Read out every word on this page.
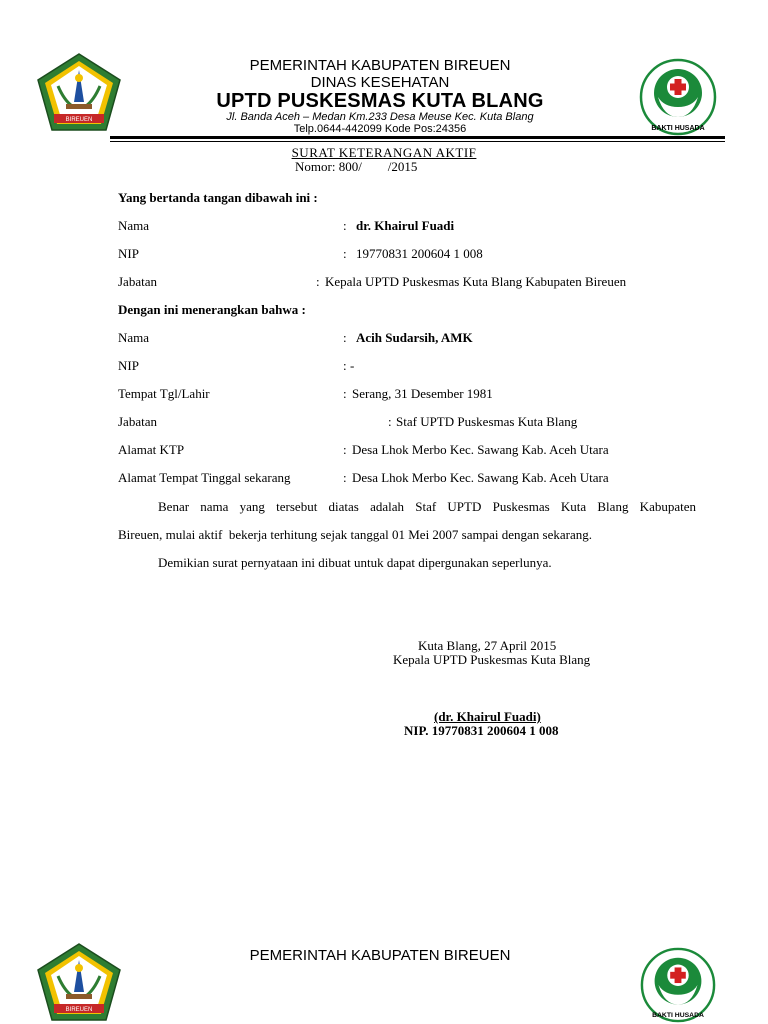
BIREUEN
BAKTI HUSADA
PEMERINTAH KABUPATEN BIREUEN
DINAS KESEHATAN
UPTD PUSKESMAS KUTA BLANG
Jl. Banda Aceh – Medan Km.233 Desa Meuse Kec. Kuta Blang
Telp.0644-442099 Kode Pos:24356
SURAT KETERANGAN AKTIF
Nomor: 800/        /2015
Yang bertanda tangan dibawah ini :
Nama	: dr. Khairul Fuadi
NIP	: 19770831 200604 1 008
Jabatan	: Kepala UPTD Puskesmas Kuta Blang Kabupaten Bireuen
Dengan ini menerangkan bahwa :
Nama	: Acih Sudarsih, AMK
NIP	: -
Tempat Tgl/Lahir	: Serang, 31 Desember 1981
Jabatan	: Staf UPTD Puskesmas Kuta Blang
Alamat KTP	: Desa Lhok Merbo Kec. Sawang Kab. Aceh Utara
Alamat Tempat Tinggal sekarang	: Desa Lhok Merbo Kec. Sawang Kab. Aceh Utara
Benar nama yang tersebut diatas adalah Staf UPTD Puskesmas Kuta Blang Kabupaten
Bireuen, mulai aktif  bekerja terhitung sejak tanggal 01 Mei 2007 sampai dengan sekarang.
Demikian surat pernyataan ini dibuat untuk dapat dipergunakan seperlunya.
Kuta Blang, 27 April 2015
Kepala UPTD Puskesmas Kuta Blang
(dr. Khairul Fuadi)
NIP. 19770831 200604 1 008
BIREUEN
BAKTI HUSADA
PEMERINTAH KABUPATEN BIREUEN
